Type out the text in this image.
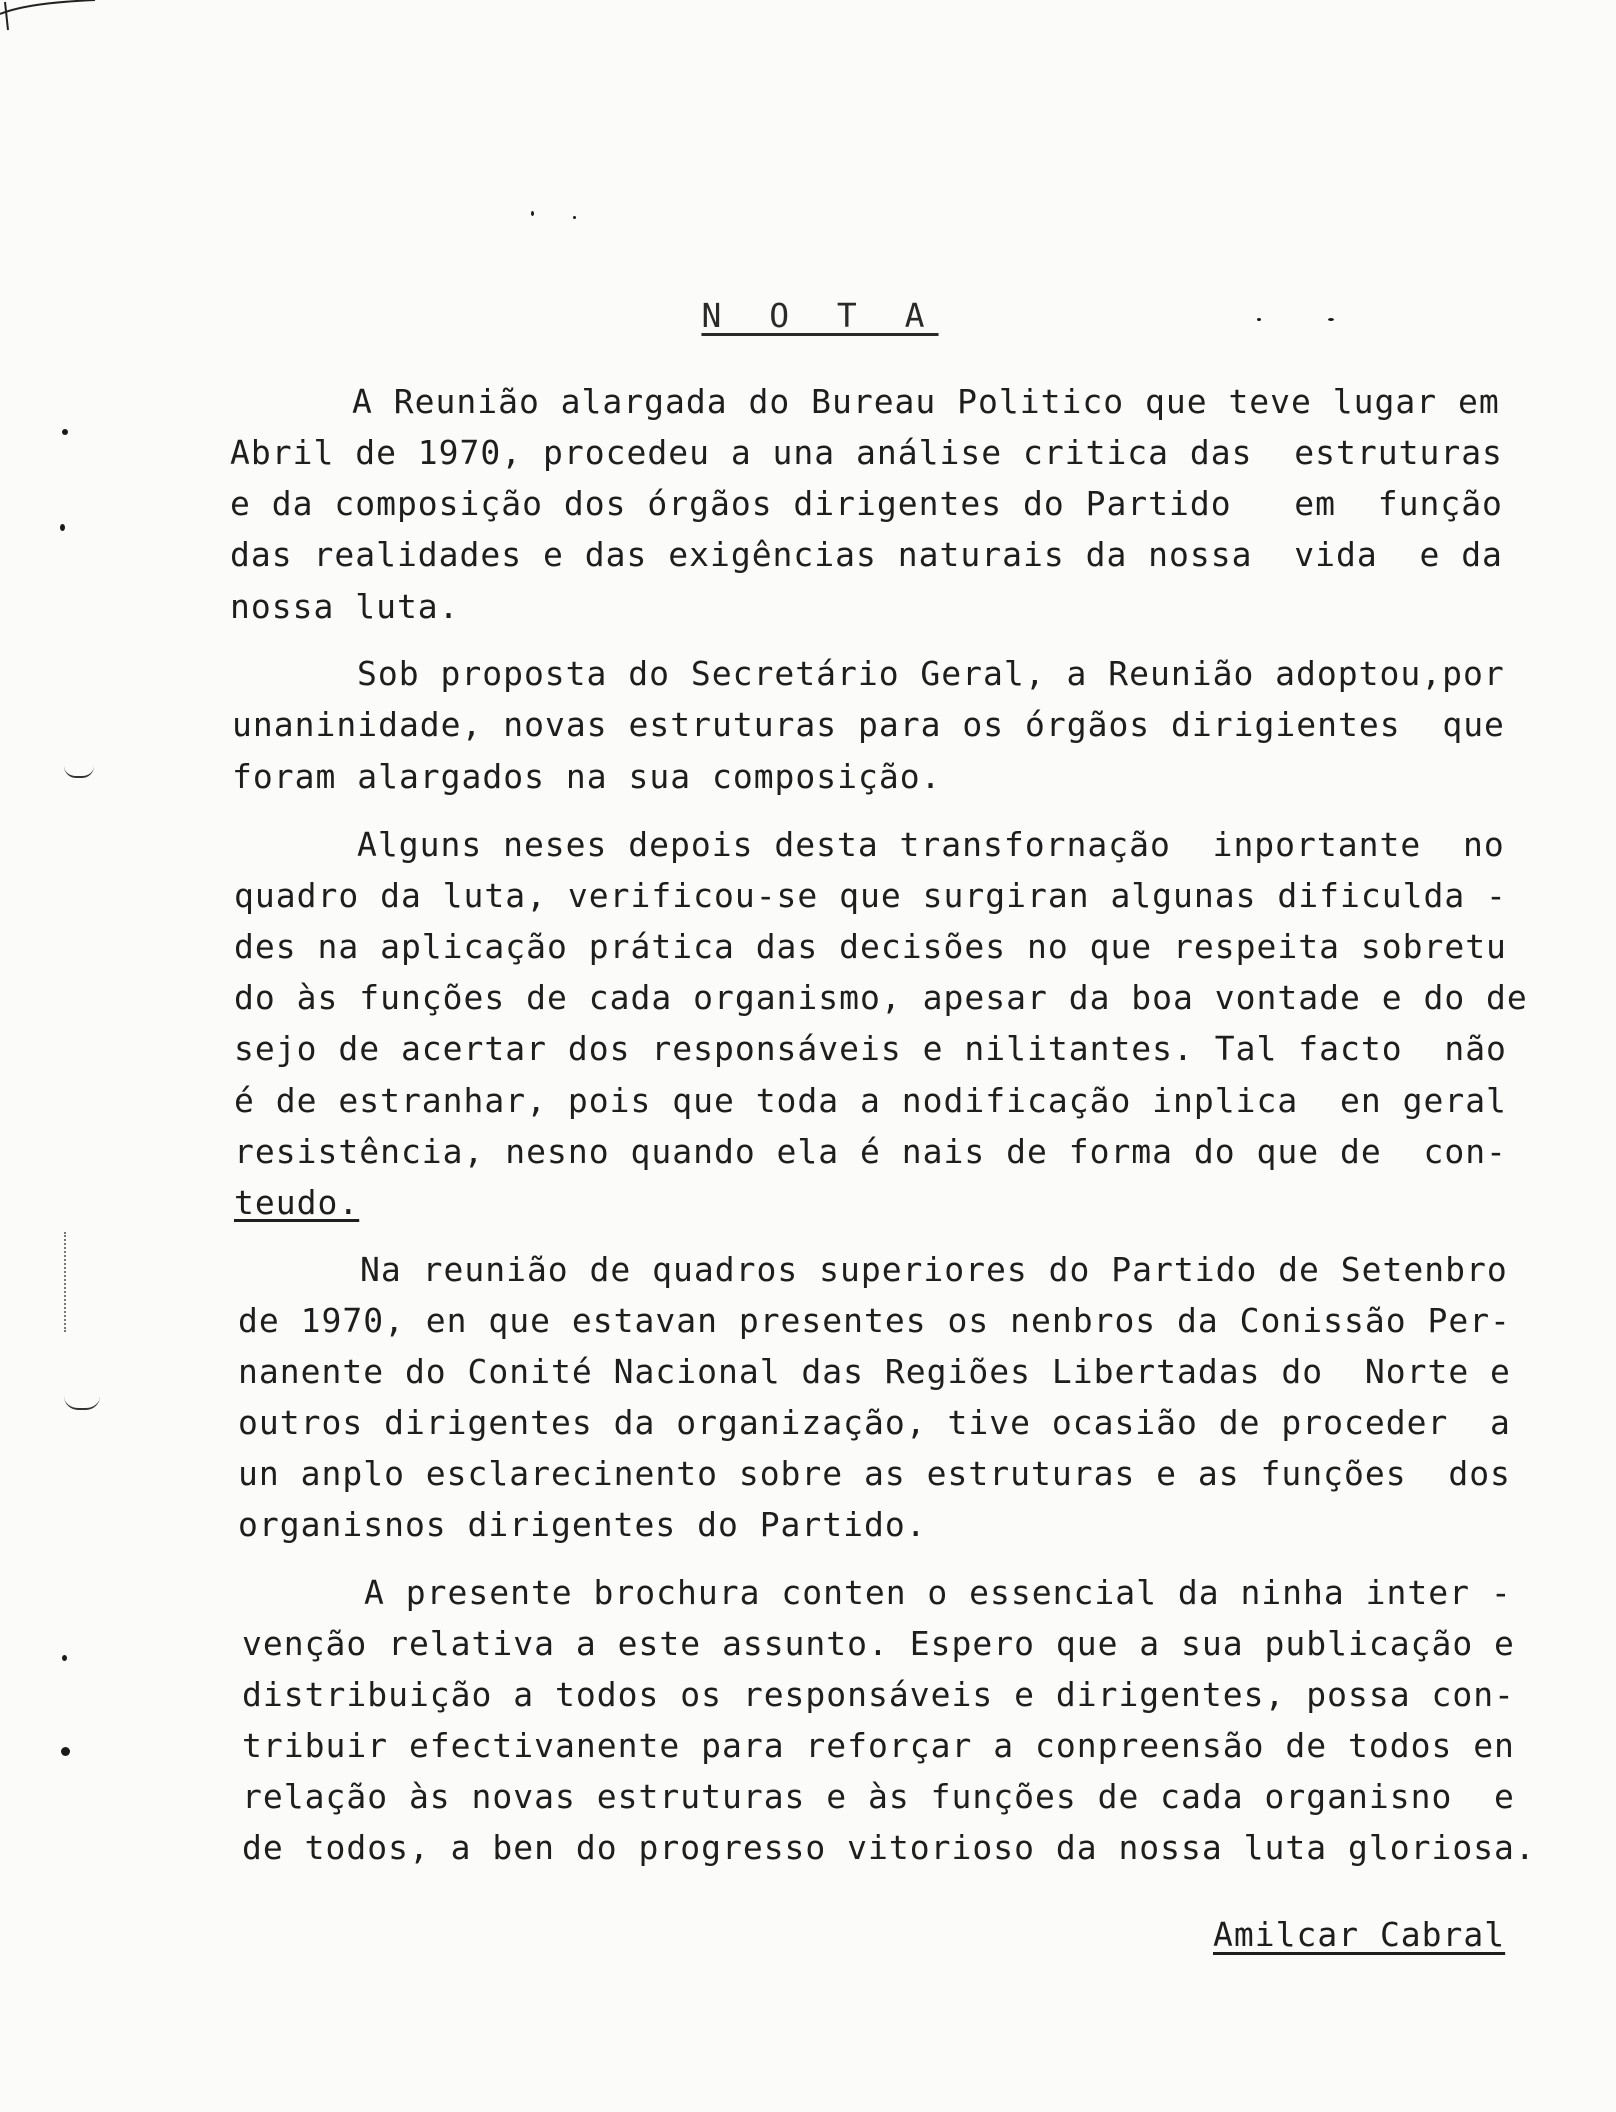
N O T A
A Reunião alargada do Bureau Politico que teve lugar em
Abril de 1970, procedeu a una análise critica das  estruturas
e da composição dos órgãos dirigentes do Partido   em  função
das realidades e das exigências naturais da nossa  vida  e da
nossa luta.
Sob proposta do Secretário Geral, a Reunião adoptou,por
unaninidade, novas estruturas para os órgãos dirigientes  que
foram alargados na sua composição.
Alguns neses depois desta transfornação  inportante  no
quadro da luta, verificou-se que surgiran algunas dificulda -
des na aplicação prática das decisões no que respeita sobretu
do às funções de cada organismo, apesar da boa vontade e do de
sejo de acertar dos responsáveis e nilitantes. Tal facto  não
é de estranhar, pois que toda a nodificação inplica  en geral
resistência, nesno quando ela é nais de forma do que de  con-
teudo.
Na reunião de quadros superiores do Partido de Setenbro
de 1970, en que estavan presentes os nenbros da Conissão Per-
nanente do Conité Nacional das Regiões Libertadas do  Norte e
outros dirigentes da organização, tive ocasião de proceder  a
un anplo esclarecinento sobre as estruturas e as funções  dos
organisnos dirigentes do Partido.
A presente brochura conten o essencial da ninha inter -
venção relativa a este assunto. Espero que a sua publicação e
distribuição a todos os responsáveis e dirigentes, possa con-
tribuir efectivanente para reforçar a conpreensão de todos en
relação às novas estruturas e às funções de cada organisno  e
de todos, a ben do progresso vitorioso da nossa luta gloriosa.
Amilcar Cabral
